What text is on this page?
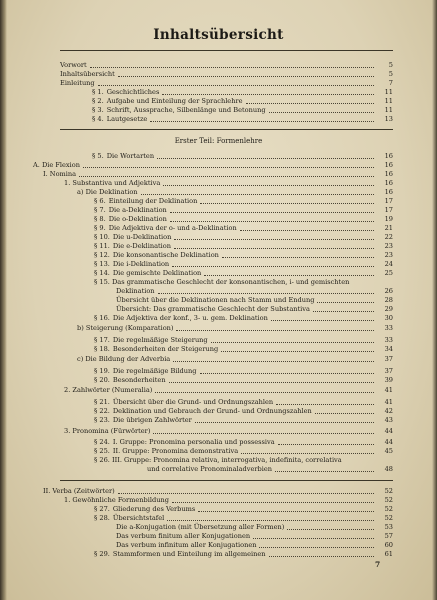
Inhaltsübersicht
Vorwort	5
Inhaltsübersicht	5
Einleitung	7
§ 1. Geschichtliches	11
§ 2. Aufgabe und Einteilung der Sprachlehre	11
§ 3. Schrift, Aussprache, Silbenlänge und Betonung	11
§ 4. Lautgesetze	13
Erster Teil: Formenlehre
§ 5. Die Wortarten	16
A. Die Flexion	16
I. Nomina	16
1. Substantiva und Adjektiva	16
a) Die Deklination	16
§ 6. Einteilung der Deklination	17
§ 7. Die a-Deklination	17
§ 8. Die o-Deklination	19
§ 9. Die Adjektiva der o- und a-Deklination	21
§ 10. Die u-Deklination	22
§ 11. Die e-Deklination	23
§ 12. Die konsonantische Deklination	23
§ 13. Die i-Deklination	24
§ 14. Die gemischte Deklination	25
§ 15. Das grammatische Geschlecht der konsonantischen, i- und gemischten
Deklination	26
Übersicht über die Deklinationen nach Stamm und Endung	28
Übersicht: Das grammatische Geschlecht der Substantiva	29
§ 16. Die Adjektiva der konf., 3- u. gem. Deklination	30
b) Steigerung (Komparation)	33
§ 17. Die regelmäßige Steigerung	33
§ 18. Besonderheiten der Steigerung	34
c) Die Bildung der Adverbia	37
§ 19. Die regelmäßige Bildung	37
§ 20. Besonderheiten	39
2. Zahlwörter (Numeralia)	41
§ 21. Übersicht über die Grund- und Ordnungszahlen	41
§ 22. Deklination und Gebrauch der Grund- und Ordnungszahlen	42
§ 23. Die übrigen Zahlwörter	43
3. Pronomina (Fürwörter)	44
§ 24. I. Gruppe: Pronomina personalia und possessiva	44
§ 25. II. Gruppe: Pronomina demonstrativa	45
§ 26. III. Gruppe: Pronomina relativa, interrogativa, indefinita, correlativa
und correlative Pronominaladverbien	48
II. Verba (Zeitwörter)	52
1. Gewöhnliche Formenbildung	52
§ 27. Gliederung des Verbums	52
§ 28. Übersichtstafel	52
Die a-Konjugation (mit Übersetzung aller Formen)	53
Das verbum finitum aller Konjugationen	57
Das verbum infinitum aller Konjugationen	60
§ 29. Stammformen und Einteilung im allgemeinen	61
7
